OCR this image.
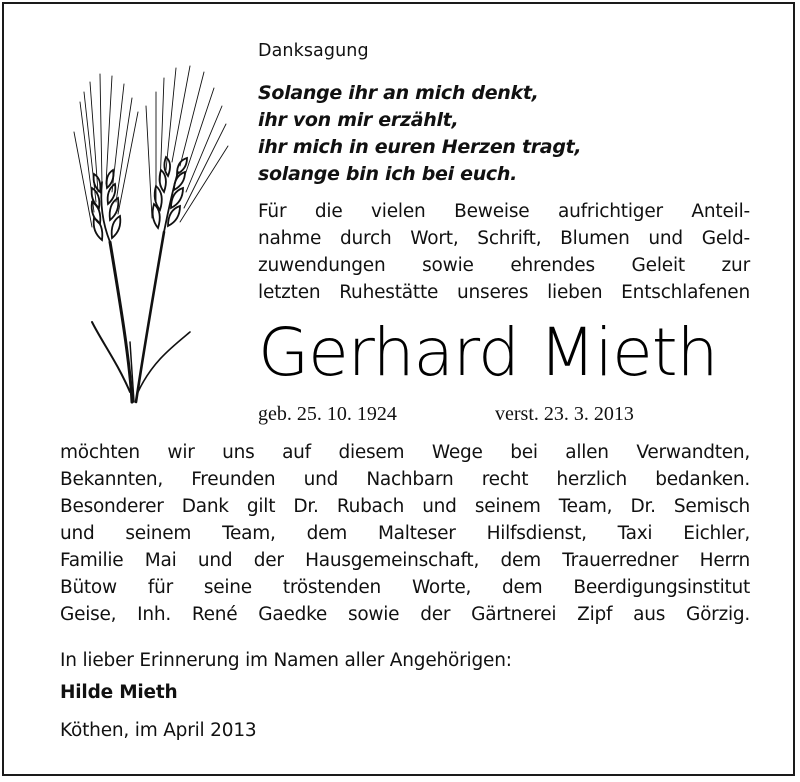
Danksagung
Solange ihr an mich denkt,
ihr von mir erzählt,
ihr mich in euren Herzen tragt,
solange bin ich bei euch.
Für die vielen Beweise aufrichtiger Anteil-
nahme durch Wort, Schrift, Blumen und Geld-
zuwendungen sowie ehrendes Geleit zur
letzten Ruhestätte unseres lieben Entschlafenen
Gerhard Mieth
geb. 25. 10. 1924	verst. 23. 3. 2013
möchten wir uns auf diesem Wege bei allen Verwandten,
Bekannten, Freunden und Nachbarn recht herzlich bedanken.
Besonderer Dank gilt Dr. Rubach und seinem Team, Dr. Semisch
und seinem Team, dem Malteser Hilfsdienst, Taxi Eichler,
Familie Mai und der Hausgemeinschaft, dem Trauerredner Herrn
Bütow für seine tröstenden Worte, dem Beerdigungsinstitut
Geise, Inh. René Gaedke sowie der Gärtnerei Zipf aus Görzig.
In lieber Erinnerung im Namen aller Angehörigen:
Hilde Mieth
Köthen, im April 2013
